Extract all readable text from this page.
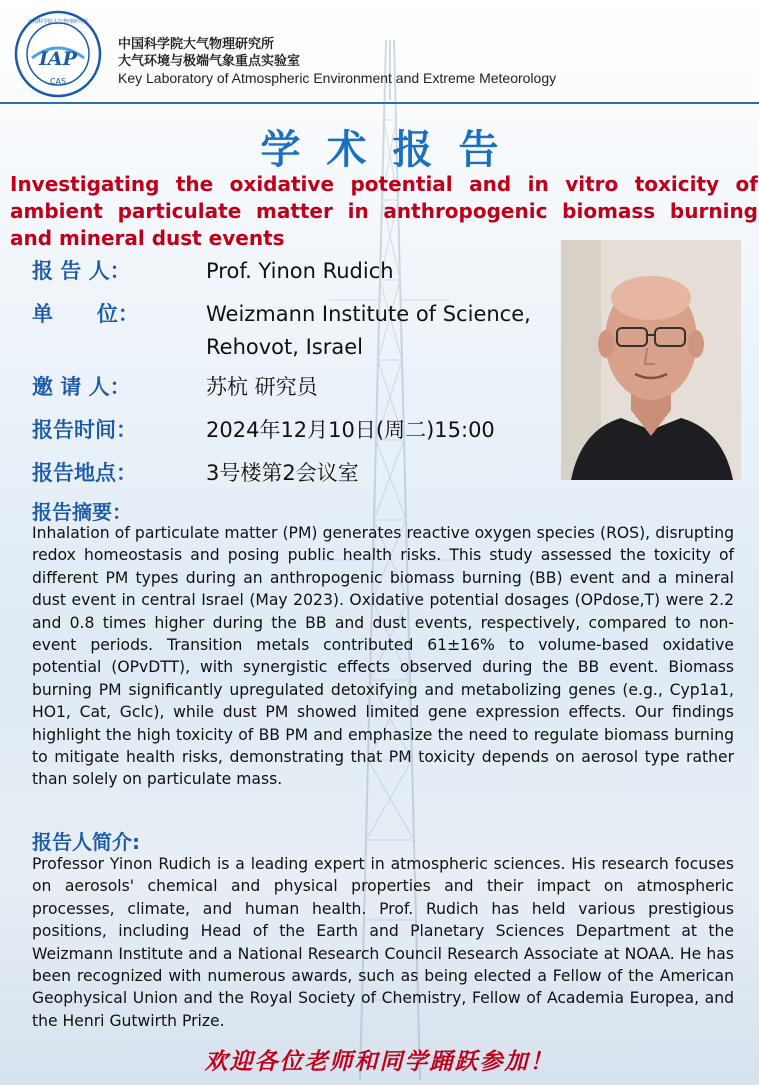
IAP
CAS
中国科学院大气物理研究所
中国科学院大气物理研究所
大气环境与极端气象重点实验室
Key Laboratory of Atmospheric Environment and Extreme Meteorology
学术报告
Investigating the oxidative potential and in vitro toxicity of
ambient particulate matter in anthropogenic biomass burning
and mineral dust events
报 告 人：	Prof. Yinon Rudich
单      位：	Weizmann Institute of Science,
Rehovot, Israel
邀 请 人：	苏杭 研究员
报告时间：	2024年12月10日(周二)15:00
报告地点：	3号楼第2会议室
报告摘要：

Inhalation of particulate matter (PM) generates reactive oxygen species (ROS), disrupting redox homeostasis and posing public health risks. This study assessed the toxicity of different PM types during an anthropogenic biomass burning (BB) event and a mineral dust event in central Israel (May 2023). Oxidative potential dosages (OPdose,T) were 2.2 and 0.8 times higher during the BB and dust events, respectively, compared to non-event periods. Transition metals contributed 61±16% to volume-based oxidative potential (OPvDTT), with synergistic effects observed during the BB event. Biomass burning PM significantly upregulated detoxifying and metabolizing genes (e.g., Cyp1a1, HO1, Cat, Gclc), while dust PM showed limited gene expression effects. Our findings highlight the high toxicity of BB PM and emphasize the need to regulate biomass burning to mitigate health risks, demonstrating that PM toxicity depends on aerosol type rather than solely on particulate mass.

报告人简介:

Professor Yinon Rudich is a leading expert in atmospheric sciences. His research focuses on aerosols' chemical and physical properties and their impact on atmospheric processes, climate, and human health. Prof. Rudich has held various prestigious positions, including Head of the Earth and Planetary Sciences Department at the Weizmann Institute and a National Research Council Research Associate at NOAA. He has been recognized with numerous awards, such as being elected a Fellow of the American Geophysical Union and the Royal Society of Chemistry, Fellow of Academia Europea, and the Henri Gutwirth Prize.

欢迎各位老师和同学踊跃参加！
